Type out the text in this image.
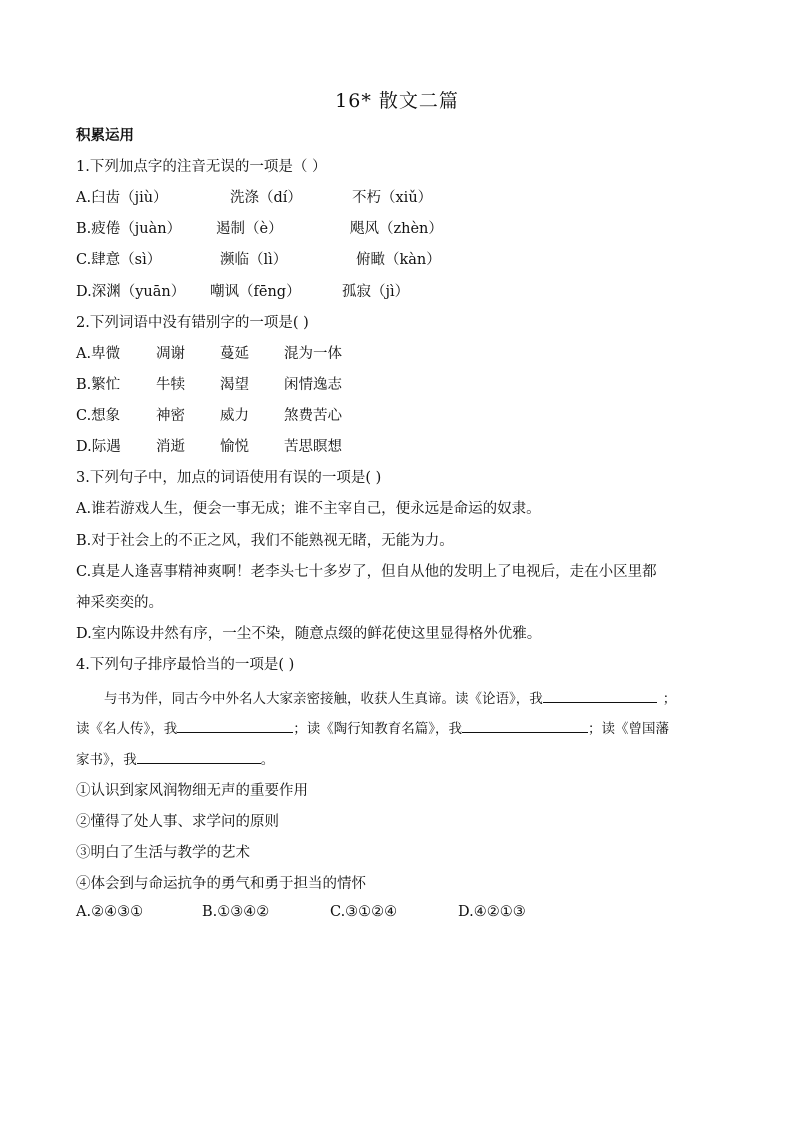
16* 散文二篇
积累运用
1.下列加点字的注音无误的一项是（ ）
A.臼齿（jiù）	洗涤（dí）	不朽（xiǔ）
B.疲倦（juàn） 遏制（è）	飓风（zhèn）
C.肆意（sì）	濒临（lì）	俯瞰（kàn）
D.深渊（yuān） 嘲讽（fēng）	孤寂（jì）
2.下列词语中没有错别字的一项是( )
A.卑微 凋谢 蔓延 混为一体
B.繁忙 牛犊 渴望 闲情逸志
C.想象 神密 威力 煞费苦心
D.际遇 消逝 愉悦 苦思瞑想
3.下列句子中，加点的词语使用有误的一项是( )
A.谁若游戏人生，便会一事无成；谁不主宰自己，便永远是命运的奴隶。
B.对于社会上的不正之风，我们不能熟视无睹，无能为力。
C.真是人逢喜事精神爽啊！老李头七十多岁了，但自从他的发明上了电视后，走在小区里都
神采奕奕的。
D.室内陈设井然有序，一尘不染，随意点缀的鲜花使这里显得格外优雅。
4.下列句子排序最恰当的一项是( )
与书为伴，同古今中外名人大家亲密接触，收获人生真谛。读《论语》，我	；
读《名人传》，我	；读《陶行知教育名篇》，我	；读《曾国藩
家书》，我	。
①认识到家风润物细无声的重要作用
②懂得了处人事、求学问的原则
③明白了生活与教学的艺术
④体会到与命运抗争的勇气和勇于担当的情怀
A.②④③①	B.①③④②	C.③①②④	D.④②①③
